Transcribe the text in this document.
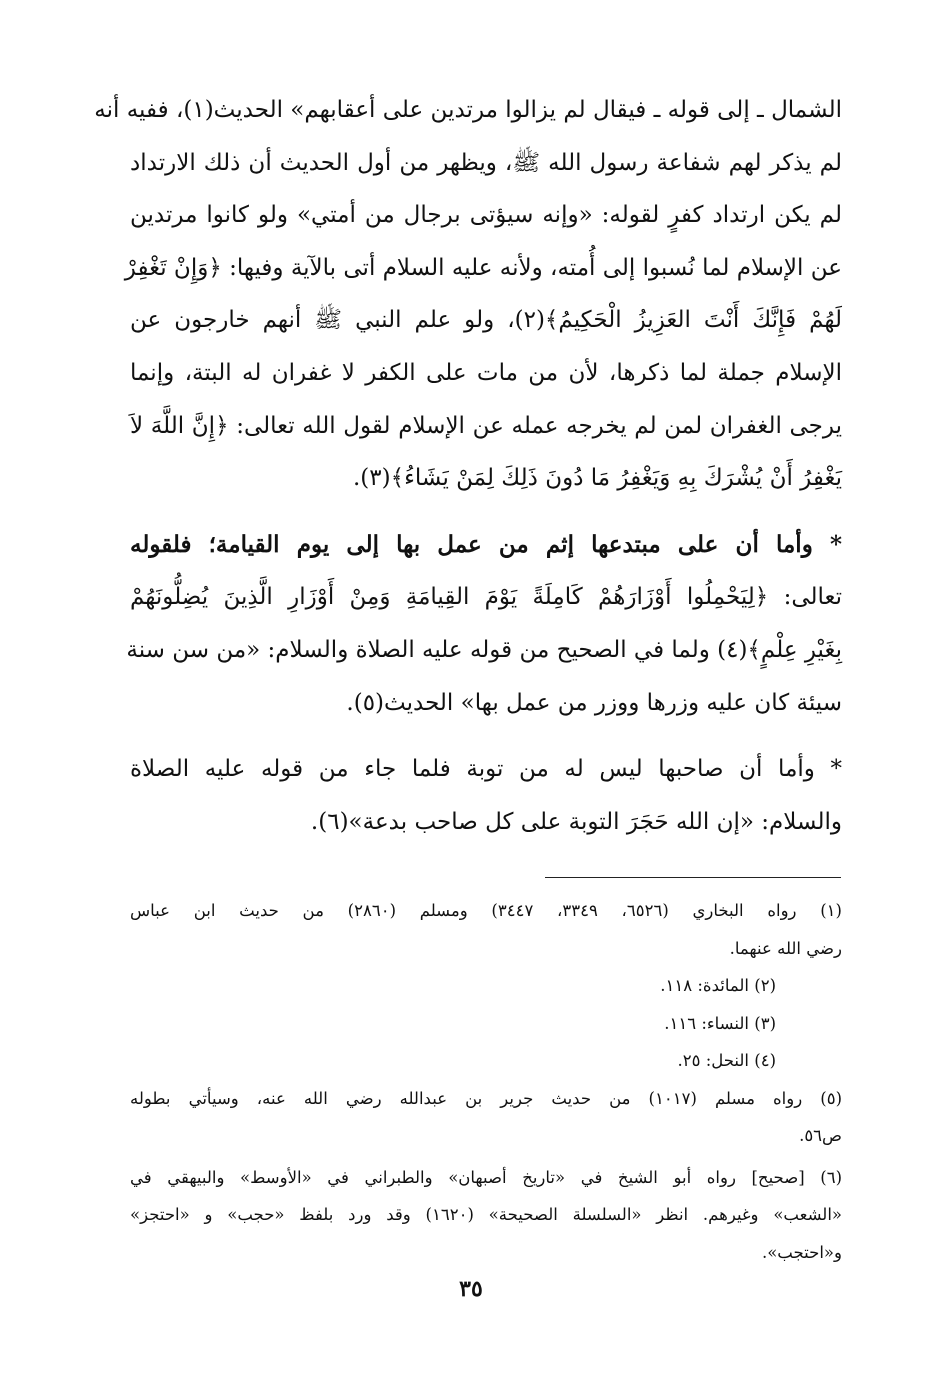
الشمال ـ إلى قوله ـ فيقال لم يزالوا مرتدين على أعقابهم» الحديث(١)، ففيه أنه
لم يذكر لهم شفاعة رسول الله ﷺ، ويظهر من أول الحديث أن ذلك الارتداد
لم يكن ارتداد كفرٍ لقوله: «وإنه سيؤتى برجال من أمتي» ولو كانوا مرتدين
عن الإسلام لما نُسبوا إلى أُمته، ولأنه عليه السلام أتى بالآية وفيها: ﴿وَإِنْ تَغْفِرْ
لَهُمْ فَإِنَّكَ أَنْتَ العَزِيزُ الْحَكِيمُ﴾(٢)، ولو علم النبي ﷺ أنهم خارجون عن
الإسلام جملة لما ذكرها، لأن من مات على الكفر لا غفران له البتة، وإنما
يرجى الغفران لمن لم يخرجه عمله عن الإسلام لقول الله تعالى: ﴿إِنَّ اللَّهَ لاَ
يَغْفِرُ أَنْ يُشْرَكَ بِهِ وَيَغْفِرُ مَا دُونَ ذَلِكَ لِمَنْ يَشَاءُ﴾(٣).
* وأما أن على مبتدعها إثم من عمل بها إلى يوم القيامة؛ فلقوله
تعالى: ﴿لِيَحْمِلُوا أَوْزَارَهُمْ كَامِلَةً يَوْمَ القِيامَةِ وَمِنْ أَوْزَارِ الَّذِينَ يُضِلُّونَهُمْ
بِغَيْرِ عِلْمٍ﴾(٤) ولما في الصحيح من قوله عليه الصلاة والسلام: «من سن سنة
سيئة كان عليه وزرها ووزر من عمل بها» الحديث(٥).
* وأما أن صاحبها ليس له من توبة فلما جاء من قوله عليه الصلاة
والسلام: «إن الله حَجَرَ التوبة على كل صاحب بدعة»(٦).
(١) رواه البخاري (٦٥٢٦، ٣٣٤٩، ٣٤٤٧) ومسلم (٢٨٦٠) من حديث ابن عباس
رضي الله عنهما.
(٢) المائدة: ١١٨.
(٣) النساء: ١١٦.
(٤) النحل: ٢٥.
(٥) رواه مسلم (١٠١٧) من حديث جرير بن عبدالله رضي الله عنه، وسيأتي بطوله
ص٥٦.
(٦) [صحيح] رواه أبو الشيخ في «تاريخ أصبهان» والطبراني في «الأوسط» والبيهقي في
«الشعب» وغيرهم. انظر «السلسلة الصحيحة» (١٦٢٠) وقد ورد بلفظ «حجب» و «احتجز»
و«احتجب».
٣٥
